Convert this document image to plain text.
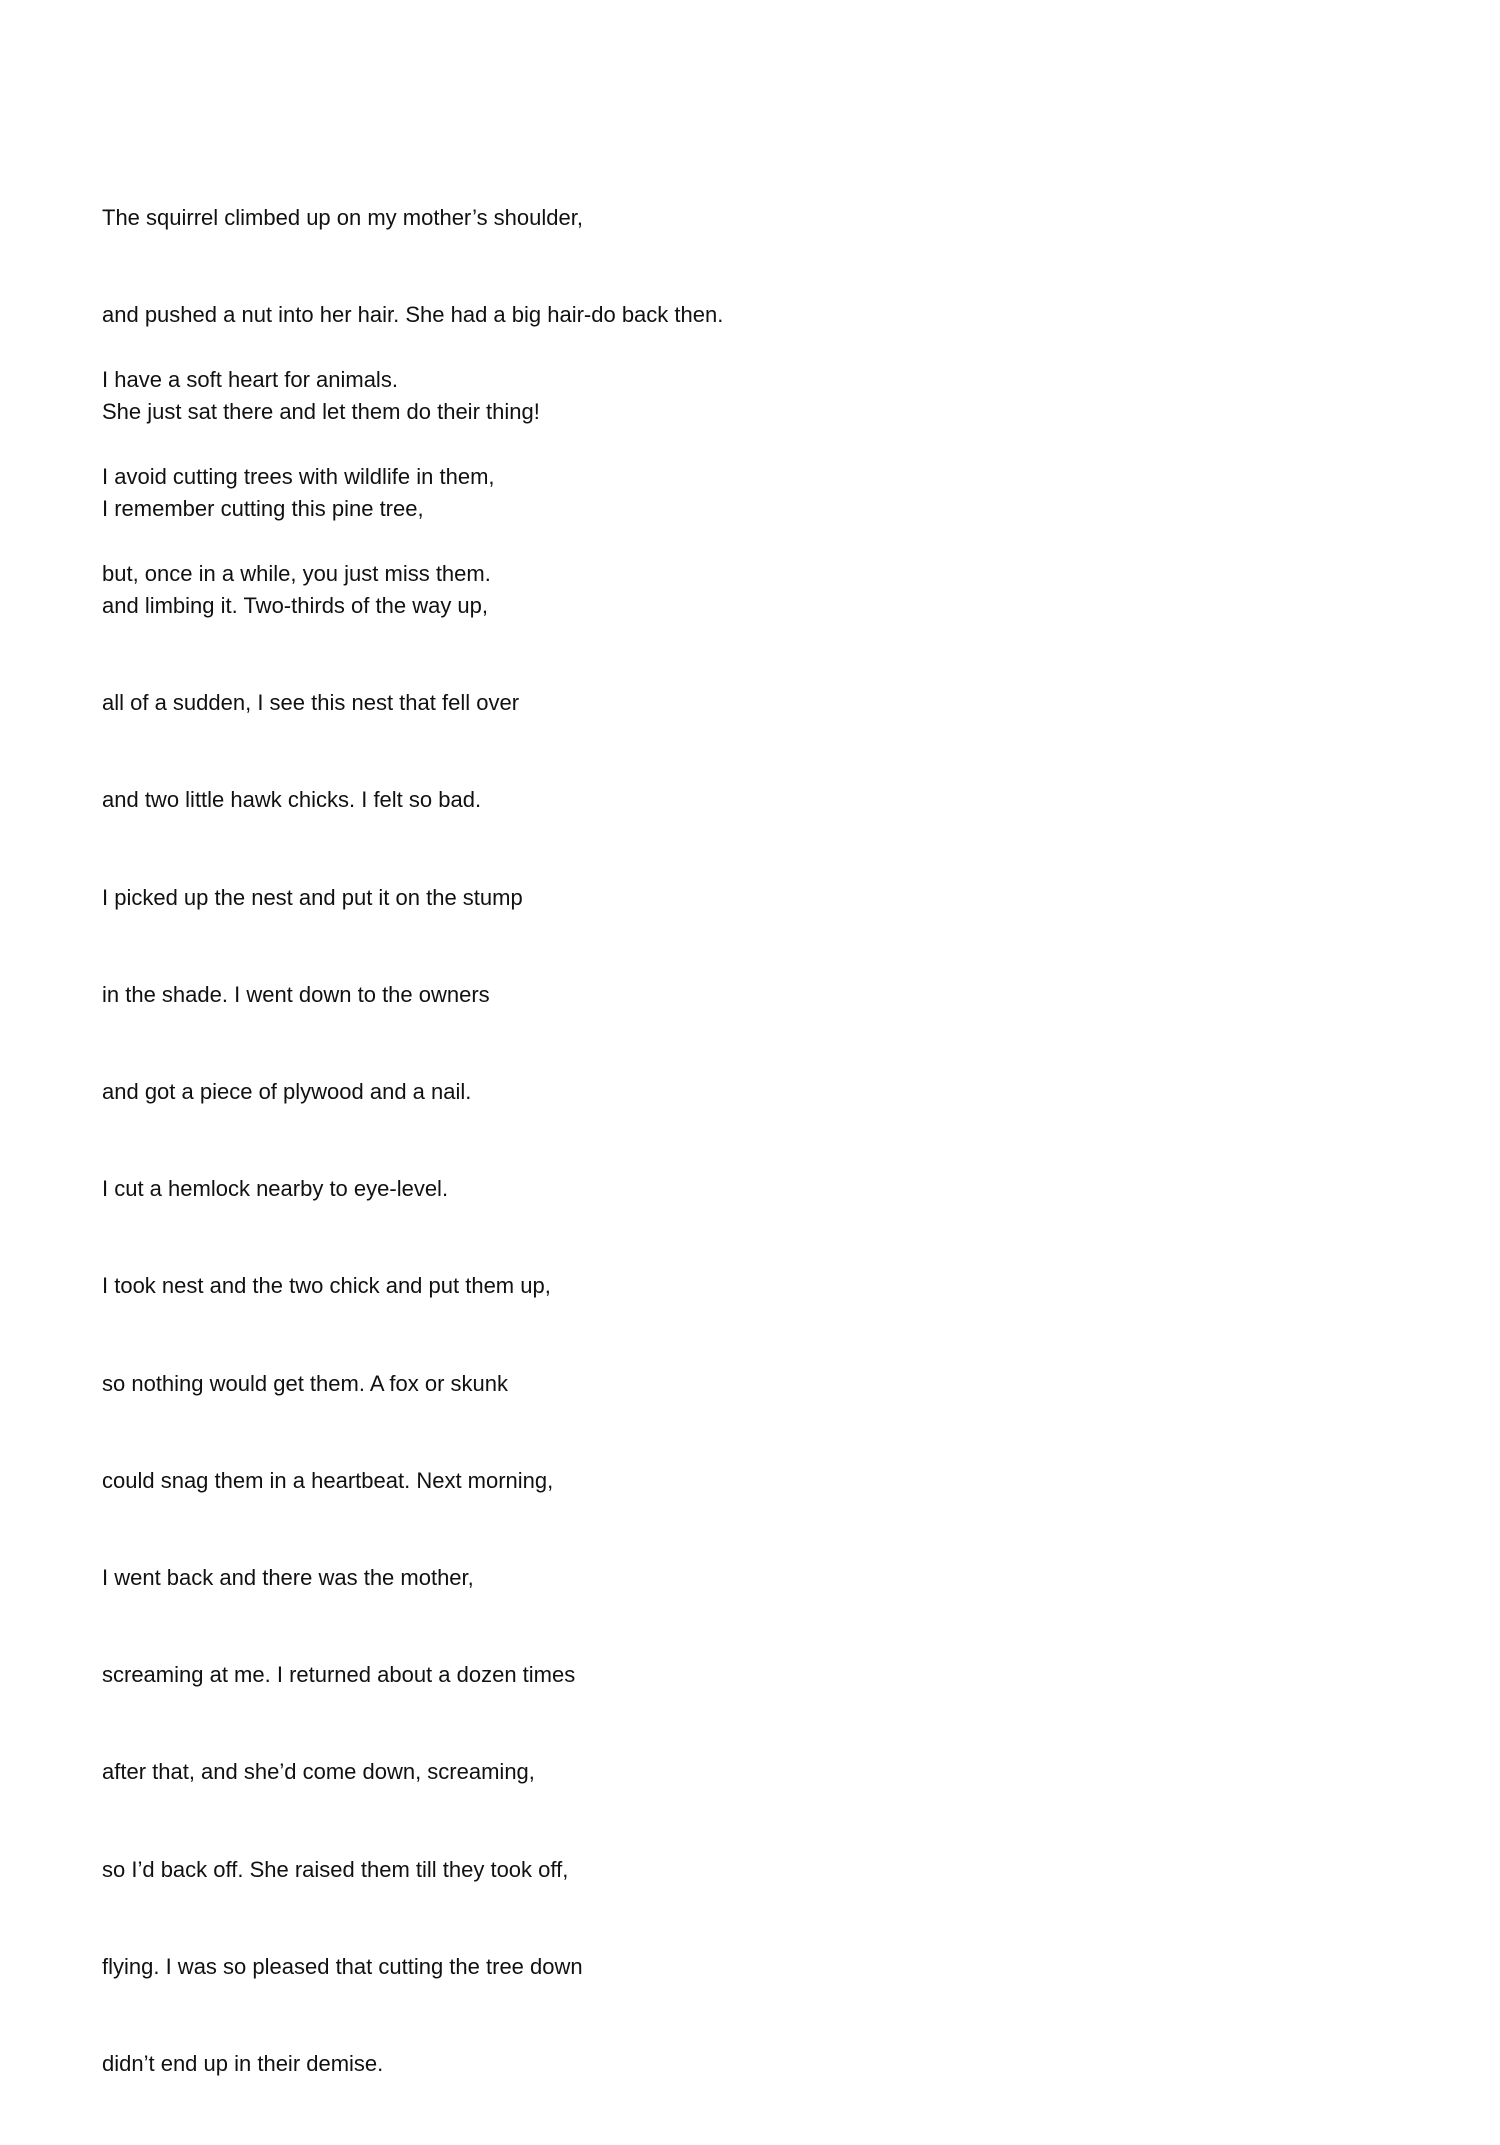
The squirrel climbed up on my mother’s shoulder,

and pushed a nut into her hair. She had a big hair-do back then.

She just sat there and let them do their thing!

I have a soft heart for animals.

I avoid cutting trees with wildlife in them,

but, once in a while, you just miss them.

I remember cutting this pine tree,

and limbing it. Two-thirds of the way up,

all of a sudden, I see this nest that fell over

and two little hawk chicks. I felt so bad.

I picked up the nest and put it on the stump

in the shade. I went down to the owners

and got a piece of plywood and a nail.

I cut a hemlock nearby to eye-level.

I took nest and the two chick and put them up,

so nothing would get them. A fox or skunk

could snag them in a heartbeat. Next morning,

I went back and there was the mother,

screaming at me. I returned about a dozen times

after that, and she’d come down, screaming,

so I’d back off. She raised them till they took off,

flying. I was so pleased that cutting the tree down

didn’t end up in their demise.
